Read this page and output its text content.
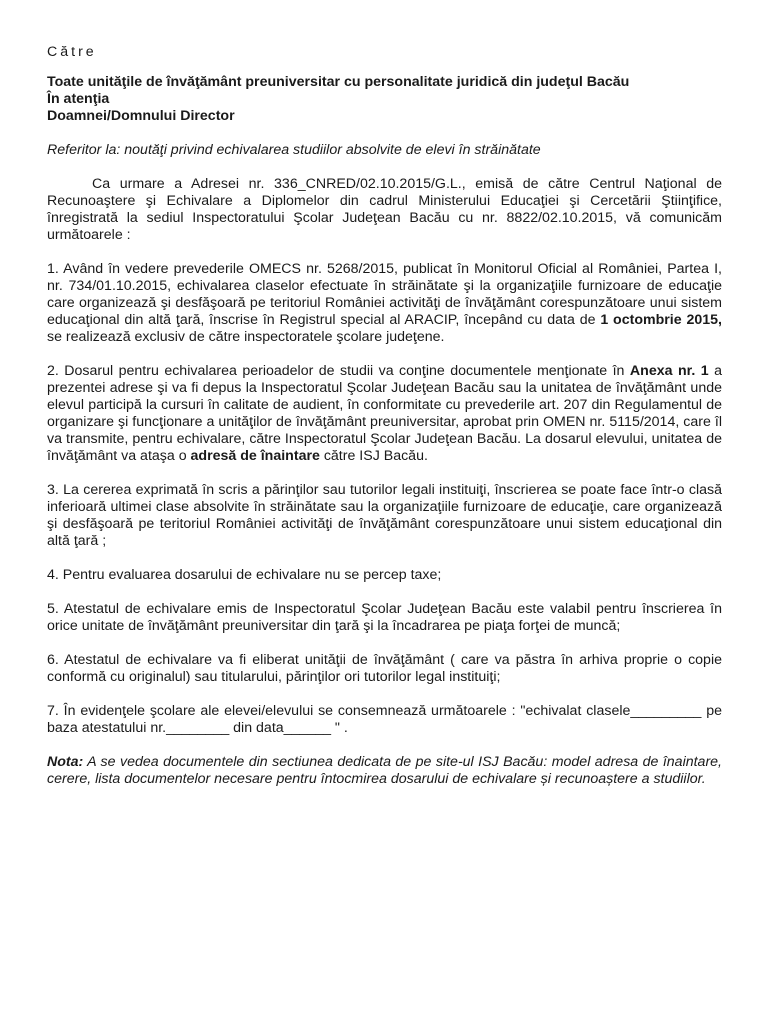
Către
Toate unităţile de învăţământ preuniversitar cu personalitate juridică din judeţul Bacău
În atenţia
Doamnei/Domnului Director
Referitor la: noutăţi privind echivalarea studiilor absolvite de elevi în străinătate

Ca urmare a Adresei nr. 336_CNRED/02.10.2015/G.L., emisă de către Centrul Naţional de Recunoaştere şi Echivalare a Diplomelor din cadrul Ministerului Educaţiei şi Cercetării Ştiinţifice, înregistrată la sediul Inspectoratului Şcolar Judeţean Bacău cu nr. 8822/02.10.2015, vă comunicăm următoarele :

1. Având în vedere prevederile OMECS nr. 5268/2015, publicat în Monitorul Oficial al României, Partea I, nr. 734/01.10.2015, echivalarea claselor efectuate în străinătate şi la organizaţiile furnizoare de educaţie care organizează şi desfăşoară pe teritoriul României activităţi de învăţământ corespunzătoare unui sistem educaţional din altă ţară, înscrise în Registrul special al ARACIP, începând cu data de 1 octombrie 2015, se realizează exclusiv de către inspectoratele şcolare judeţene.

2. Dosarul pentru echivalarea perioadelor de studii va conţine documentele menţionate în Anexa nr. 1 a prezentei adrese şi va fi depus la Inspectoratul Şcolar Judeţean Bacău sau la unitatea de învăţământ unde elevul participă la cursuri în calitate de audient, în conformitate cu prevederile art. 207 din Regulamentul de organizare şi funcţionare a unităţilor de învăţământ preuniversitar, aprobat prin OMEN nr. 5115/2014, care îl va transmite, pentru echivalare, către Inspectoratul Şcolar Judeţean Bacău. La dosarul elevului, unitatea de învăţământ va ataşa o adresă de înaintare către ISJ Bacău.

3. La cererea exprimată în scris a părinţilor sau tutorilor legali instituiţi, înscrierea se poate face într-o clasă inferioară ultimei clase absolvite în străinătate sau la organizaţiile furnizoare de educaţie, care organizează şi desfăşoară pe teritoriul României activităţi de învăţământ corespunzătoare unui sistem educaţional din altă ţară ;

4. Pentru evaluarea dosarului de echivalare nu se percep taxe;

5. Atestatul de echivalare emis de Inspectoratul Şcolar Judeţean Bacău este valabil pentru înscrierea în orice unitate de învăţământ preuniversitar din ţară şi la încadrarea pe piaţa forţei de muncă;

6. Atestatul de echivalare va fi eliberat unităţii de învăţământ ( care va păstra în arhiva proprie o copie conformă cu originalul) sau titularului, părinţilor ori tutorilor legal instituiţi;

7. În evidenţele şcolare ale elevei/elevului se consemnează următoarele : "echivalat clasele_________ pe baza atestatului nr.________ din data______ " .

Nota: A se vedea documentele din sectiunea dedicata de pe site-ul ISJ Bacău: model adresa de înaintare, cerere, lista documentelor necesare pentru întocmirea dosarului de echivalare și recunoaștere a studiilor.
